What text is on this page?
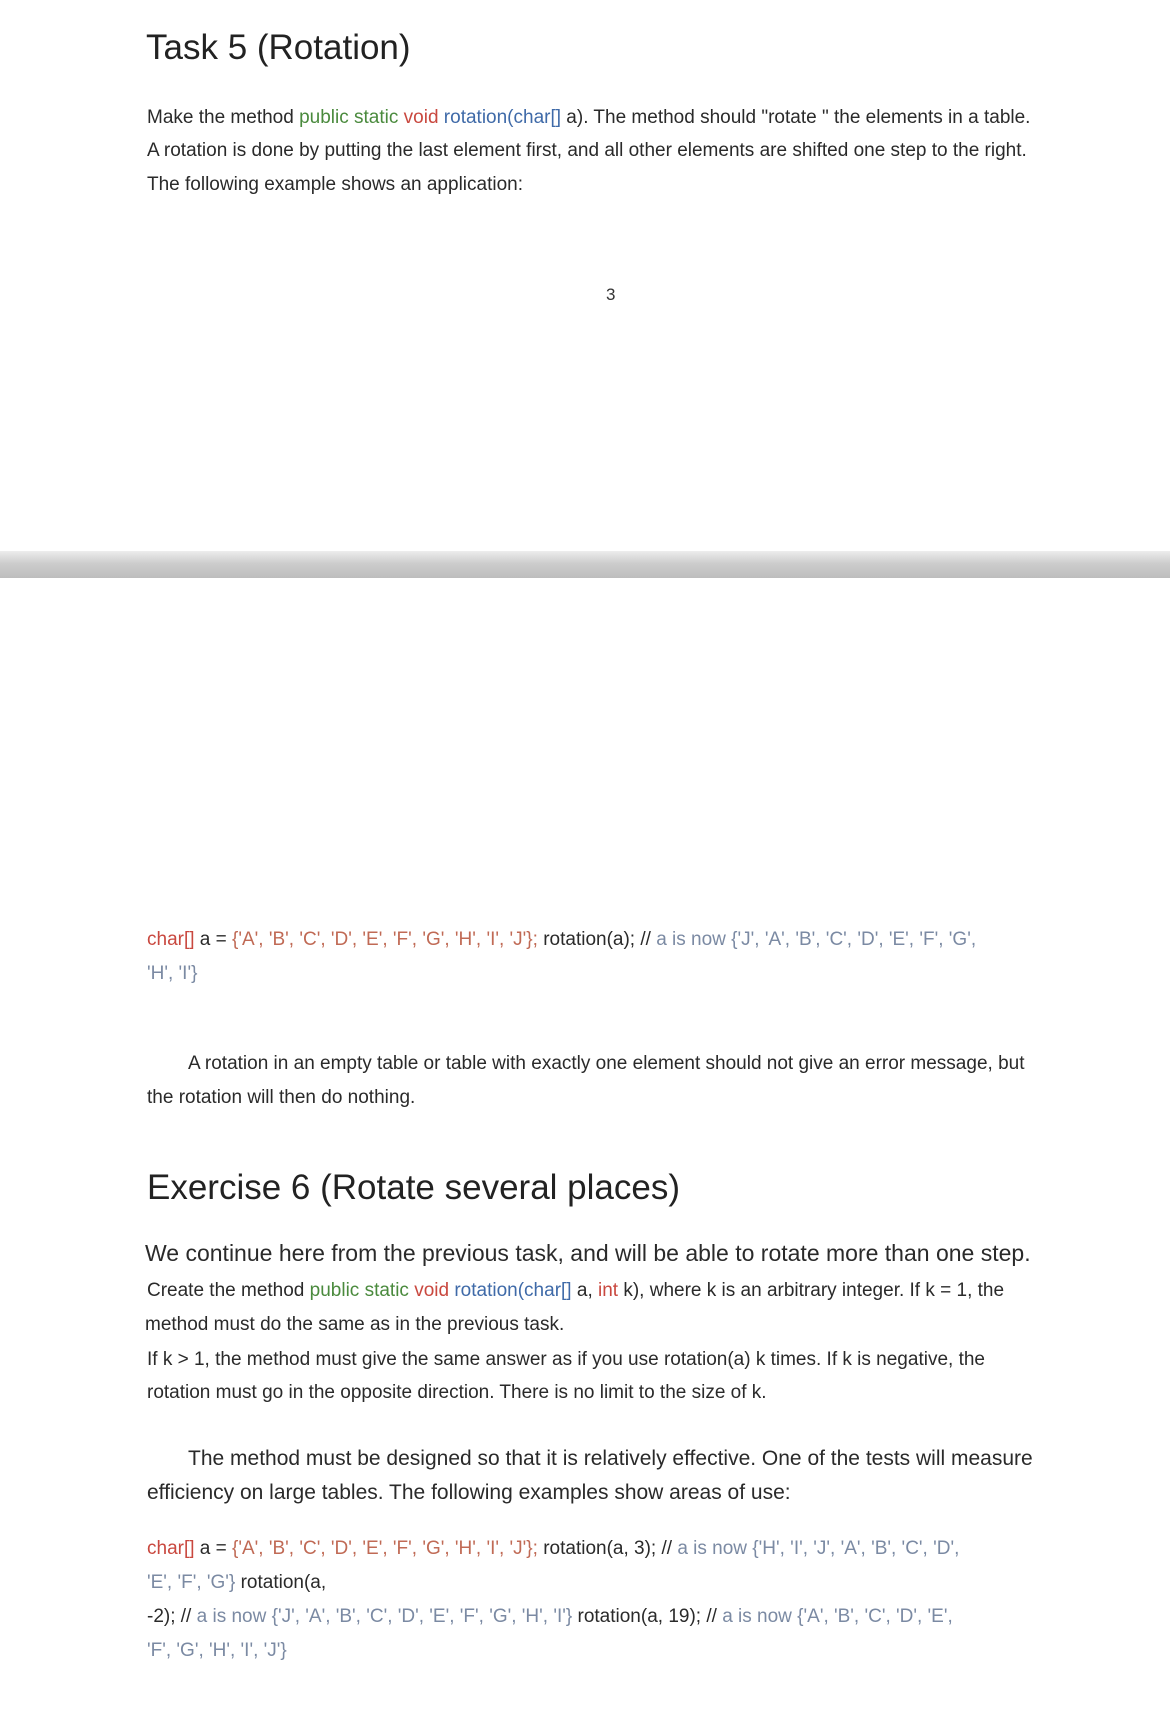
Task 5 (Rotation)
Make the method public static void rotation(char[] a). The method should "rotate " the elements in a table.
A rotation is done by putting the last element first, and all other elements are shifted one step to the right.
The following example shows an application:
3
char[] a = {'A', 'B', 'C', 'D', 'E', 'F', 'G', 'H', 'I', 'J'}; rotation(a); // a is now {'J', 'A', 'B', 'C', 'D', 'E', 'F', 'G',
'H', 'I'}
A rotation in an empty table or table with exactly one element should not give an error message, but
the rotation will then do nothing.
Exercise 6 (Rotate several places)
We continue here from the previous task, and will be able to rotate more than one step.
Create the method public static void rotation(char[] a, int k), where k is an arbitrary integer. If k = 1, the
method must do the same as in the previous task.
If k > 1, the method must give the same answer as if you use rotation(a) k times. If k is negative, the
rotation must go in the opposite direction. There is no limit to the size of k.
The method must be designed so that it is relatively effective. One of the tests will measure
efficiency on large tables. The following examples show areas of use:
char[] a = {'A', 'B', 'C', 'D', 'E', 'F', 'G', 'H', 'I', 'J'}; rotation(a, 3); // a is now {'H', 'I', 'J', 'A', 'B', 'C', 'D',
'E', 'F', 'G'} rotation(a,
-2); // a is now {'J', 'A', 'B', 'C', 'D', 'E', 'F', 'G', 'H', 'I'} rotation(a, 19); // a is now {'A', 'B', 'C', 'D', 'E',
'F', 'G', 'H', 'I', 'J'}
